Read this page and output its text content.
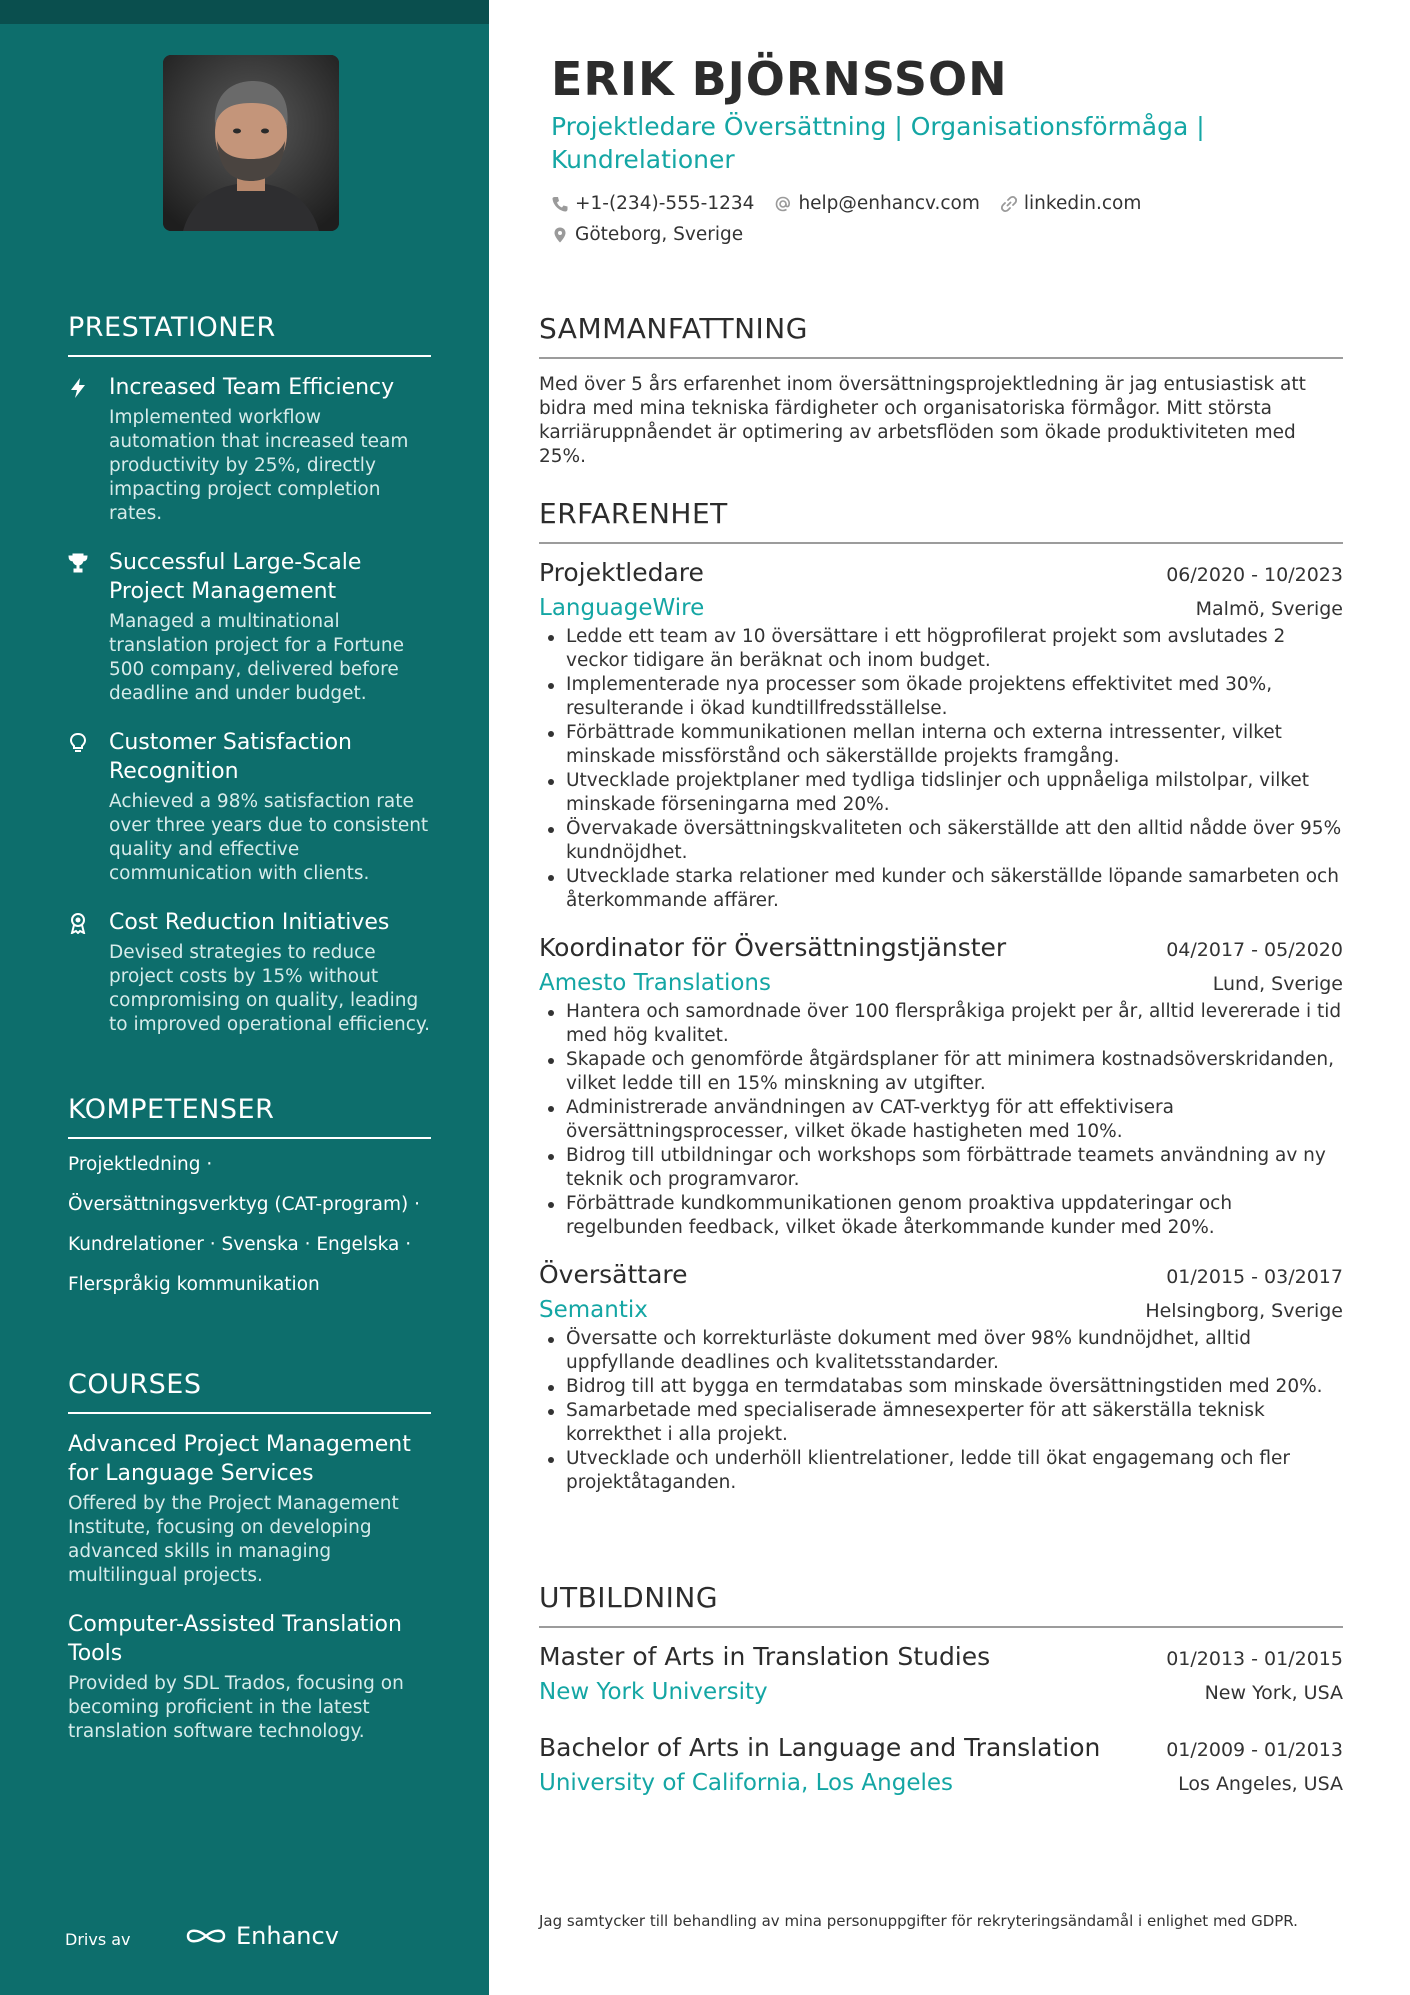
PRESTATIONER
Increased Team Efficiency
Implemented workflow automation that increased team productivity by 25%, directly impacting project completion rates.
Successful Large-Scale Project Management
Managed a multinational translation project for a Fortune 500 company, delivered before deadline and under budget.
Customer Satisfaction Recognition
Achieved a 98% satisfaction rate over three years due to consistent quality and effective communication with clients.
Cost Reduction Initiatives
Devised strategies to reduce project costs by 15% without compromising on quality, leading to improved operational efficiency.
KOMPETENSER

Projektledning ·

Översättningsverktyg (CAT-program) ·

Kundrelationer · Svenska · Engelska ·

Flerspråkig kommunikation

COURSES
Advanced Project Management for Language Services
Offered by the Project Management Institute, focusing on developing advanced skills in managing multilingual projects.
Computer-Assisted Translation Tools
Provided by SDL Trados, focusing on becoming proficient in the latest translation software technology.
Drivs av	Enhancv
ERIK BJÖRNSSON
Projektledare Översättning | Organisationsförmåga | Kundrelationer
+1-(234)-555-1234 help@enhancv.com linkedin.com
Göteborg, Sverige
SAMMANFATTNING
Med över 5 års erfarenhet inom översättningsprojektledning är jag entusiastisk att bidra med mina tekniska färdigheter och organisatoriska förmågor. Mitt största karriäruppnåendet är optimering av arbetsflöden som ökade produktiviteten med 25%.
ERFARENHET
Projektledare	06/2020 - 10/2023
LanguageWire	Malmö, Sverige
Ledde ett team av 10 översättare i ett högprofilerat projekt som avslutades 2 veckor tidigare än beräknat och inom budget.
Implementerade nya processer som ökade projektens effektivitet med 30%, resulterande i ökad kundtillfredsställelse.
Förbättrade kommunikationen mellan interna och externa intressenter, vilket minskade missförstånd och säkerställde projekts framgång.
Utvecklade projektplaner med tydliga tidslinjer och uppnåeliga milstolpar, vilket minskade förseningarna med 20%.
Övervakade översättningskvaliteten och säkerställde att den alltid nådde över 95% kundnöjdhet.
Utvecklade starka relationer med kunder och säkerställde löpande samarbeten och återkommande affärer.
Koordinator för Översättningstjänster	04/2017 - 05/2020
Amesto Translations	Lund, Sverige
Hantera och samordnade över 100 flerspråkiga projekt per år, alltid levererade i tid med hög kvalitet.
Skapade och genomförde åtgärdsplaner för att minimera kostnadsöverskridanden, vilket ledde till en 15% minskning av utgifter.
Administrerade användningen av CAT-verktyg för att effektivisera översättningsprocesser, vilket ökade hastigheten med 10%.
Bidrog till utbildningar och workshops som förbättrade teamets användning av ny teknik och programvaror.
Förbättrade kundkommunikationen genom proaktiva uppdateringar och regelbunden feedback, vilket ökade återkommande kunder med 20%.
Översättare	01/2015 - 03/2017
Semantix	Helsingborg, Sverige
Översatte och korrekturläste dokument med över 98% kundnöjdhet, alltid uppfyllande deadlines och kvalitetsstandarder.
Bidrog till att bygga en termdatabas som minskade översättningstiden med 20%.
Samarbetade med specialiserade ämnesexperter för att säkerställa teknisk korrekthet i alla projekt.
Utvecklade och underhöll klientrelationer, ledde till ökat engagemang och fler projektåtaganden.
UTBILDNING
Master of Arts in Translation Studies	01/2013 - 01/2015
New York University	New York, USA
Bachelor of Arts in Language and Translation	01/2009 - 01/2013
University of California, Los Angeles	Los Angeles, USA
Jag samtycker till behandling av mina personuppgifter för rekryteringsändamål i enlighet med GDPR.
